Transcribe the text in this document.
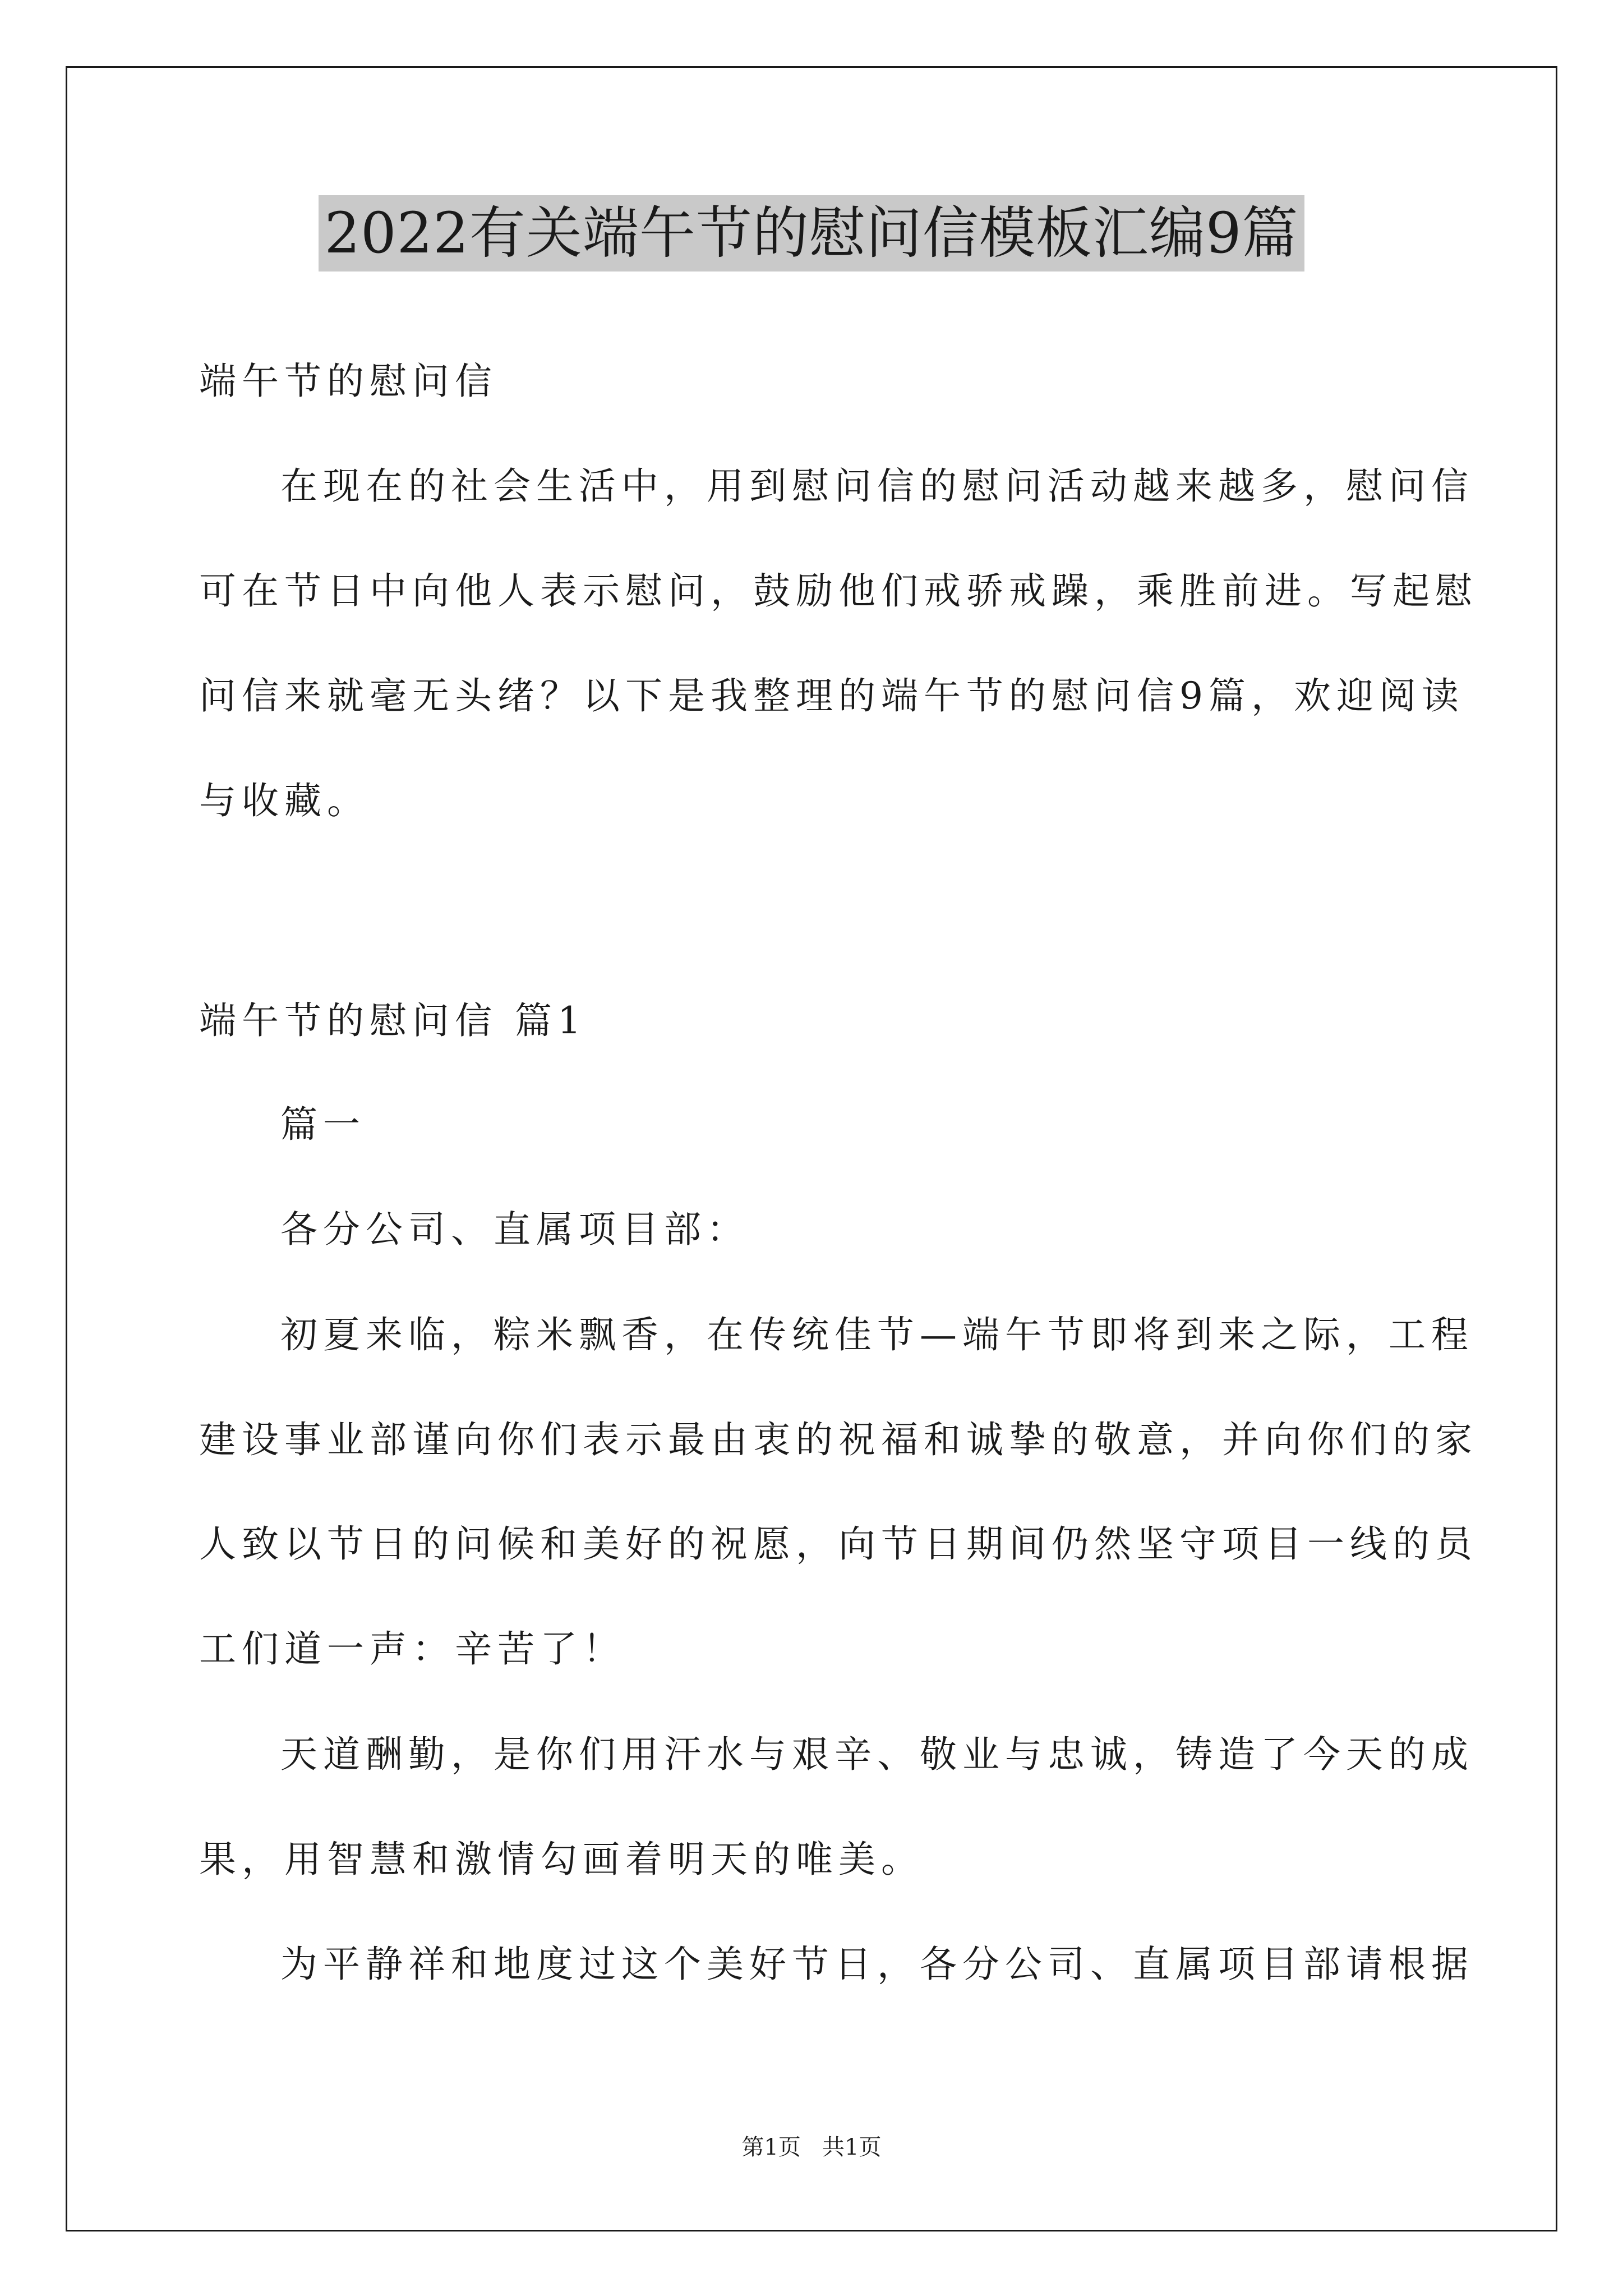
2022有关端午节的慰问信模板汇编9篇
端午节的慰问信
在现在的社会生活中，用到慰问信的慰问活动越来越多，慰问信
可在节日中向他人表示慰问，鼓励他们戒骄戒躁，乘胜前进。写起慰
问信来就毫无头绪？以下是我整理的端午节的慰问信9篇，欢迎阅读
与收藏。
端午节的慰问信 篇1
篇一
各分公司、直属项目部：
初夏来临，粽米飘香，在传统佳节—端午节即将到来之际，工程
建设事业部谨向你们表示最由衷的祝福和诚挚的敬意，并向你们的家
人致以节日的问候和美好的祝愿，向节日期间仍然坚守项目一线的员
工们道一声：辛苦了！
天道酬勤，是你们用汗水与艰辛、敬业与忠诚，铸造了今天的成
果，用智慧和激情勾画着明天的唯美。
为平静祥和地度过这个美好节日，各分公司、直属项目部请根据
第1页   共1页
